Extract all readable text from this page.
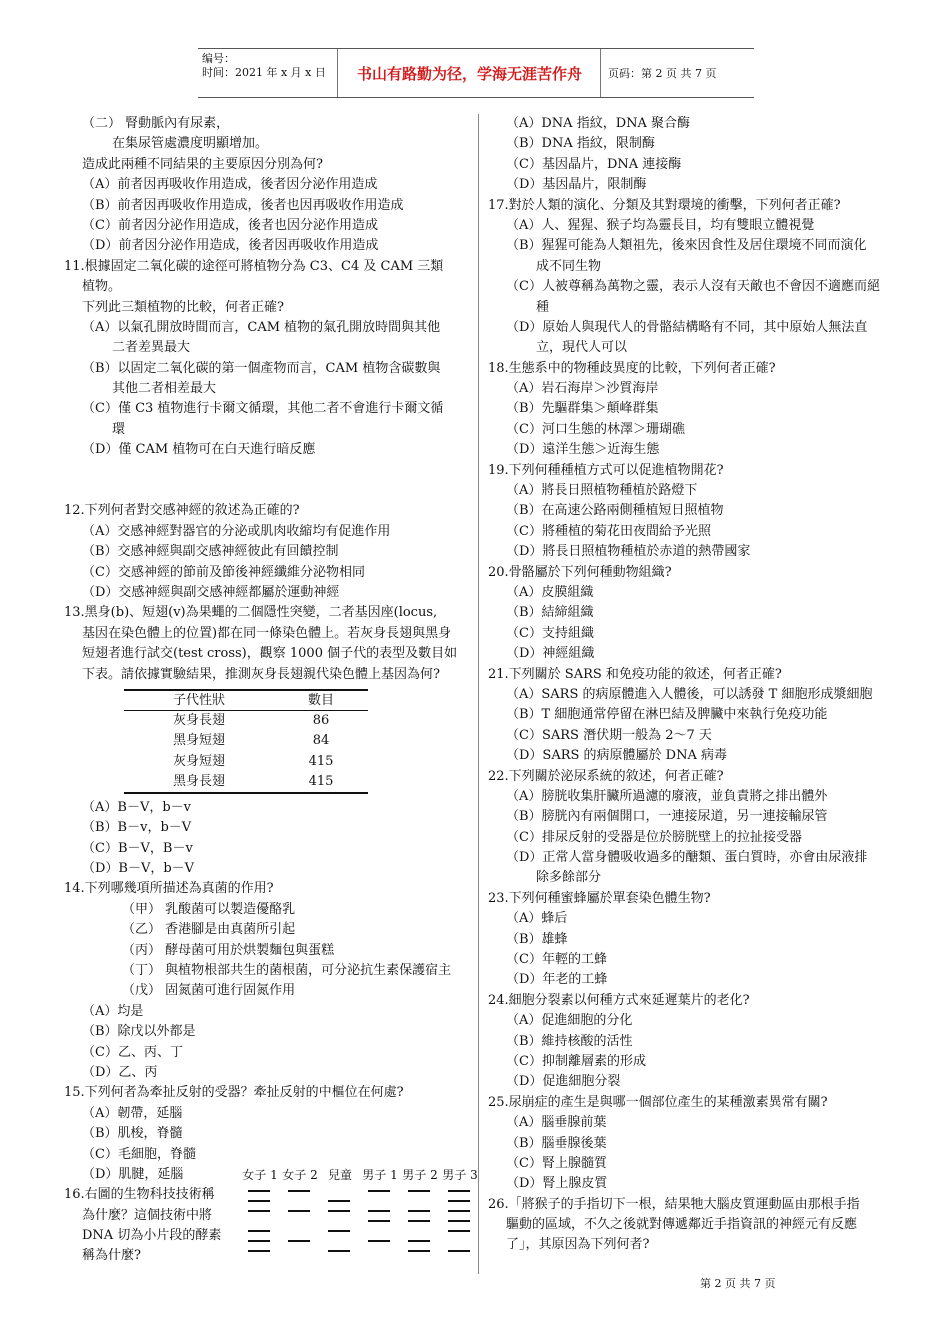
编号：
时间：2021 年 x 月 x 日	书山有路勤为径，学海无涯苦作舟	页码：第 2 页 共 7 页
（二） 腎動脈內有尿素，
在集尿管處濃度明顯增加。
造成此兩種不同結果的主要原因分別為何?
（A）前者因再吸收作用造成，後者因分泌作用造成
（B）前者因再吸收作用造成，後者也因再吸收作用造成
（C）前者因分泌作用造成，後者也因分泌作用造成
（D）前者因分泌作用造成，後者因再吸收作用造成
11.根據固定二氧化碳的途徑可將植物分為 C3、C4 及 CAM 三類
植物。
下列此三類植物的比較，何者正確?
（A）以氣孔開放時間而言，CAM 植物的氣孔開放時間與其他
二者差異最大
（B）以固定二氧化碳的第一個產物而言，CAM 植物含碳數與
其他二者相差最大
（C）僅 C3 植物進行卡爾文循環，其他二者不會進行卡爾文循
環
（D）僅 CAM 植物可在白天進行暗反應
12.下列何者對交感神經的敘述為正確的?
（A）交感神經對器官的分泌或肌肉收縮均有促進作用
（B）交感神經與副交感神經彼此有回饋控制
（C）交感神經的節前及節後神經纖維分泌物相同
（D）交感神經與副交感神經都屬於運動神經
13.黑身(b)、短翅(v)為果蠅的二個隱性突變，二者基因座(locus,
基因在染色體上的位置)都在同一條染色體上。若灰身長翅與黑身
短翅者進行試交(test cross)，觀察 1000 個子代的表型及數目如
下表。請依據實驗結果，推測灰身長翅親代染色體上基因為何?
子代性狀	數目
灰身長翅	86
黑身短翅	84
灰身短翅	415
黑身長翅	415
（A）B－V，b－v
（B）B－v，b－V
（C）B－V，B－v
（D）B－V，b－V
14.下列哪幾項所描述為真菌的作用?
（甲） 乳酸菌可以製造優酪乳
（乙） 香港腳是由真菌所引起
（丙） 酵母菌可用於烘製麵包與蛋糕
（丁） 與植物根部共生的菌根菌，可分泌抗生素保護宿主
（戊） 固氮菌可進行固氮作用
（A）均是
（B）除戊以外都是
（C）乙、丙、丁
（D）乙、丙
15.下列何者為牽扯反射的受器？牽扯反射的中樞位在何處?
（A）韌帶，延腦
（B）肌梭，脊髓
（C）毛細胞，脊髓
（D）肌腱，延腦
16.右圖的生物科技技術稱
為什麼？這個技術中將
DNA 切為小片段的酵素
稱為什麼?
女子 1 女子 2 兒童 男子 1 男子 2 男子 3
（A）DNA 指紋，DNA 聚合酶
（B）DNA 指紋，限制酶
（C）基因晶片，DNA 連接酶
（D）基因晶片，限制酶
17.對於人類的演化、分類及其對環境的衝擊，下列何者正確?
（A）人、猩猩、猴子均為靈長目，均有雙眼立體視覺
（B）猩猩可能為人類祖先，後來因食性及居住環境不同而演化
成不同生物
（C）人被尊稱為萬物之靈，表示人沒有天敵也不會因不適應而絕
種
（D）原始人與現代人的骨骼結構略有不同，其中原始人無法直
立，現代人可以
18.生態系中的物種歧異度的比較，下列何者正確?
（A）岩石海岸＞沙質海岸
（B）先驅群集＞顛峰群集
（C）河口生態的林澤＞珊瑚礁
（D）遠洋生態＞近海生態
19.下列何種種植方式可以促進植物開花?
（A）將長日照植物種植於路燈下
（B）在高速公路兩側種植短日照植物
（C）將種植的菊花田夜間給予光照
（D）將長日照植物種植於赤道的熱帶國家
20.骨骼屬於下列何種動物組織?
（A）皮膜組織
（B）結締組織
（C）支持組織
（D）神經組織
21.下列關於 SARS 和免疫功能的敘述，何者正確?
（A）SARS 的病原體進入人體後，可以誘發 T 細胞形成漿細胞
（B）T 細胞通常停留在淋巴結及脾臟中來執行免疫功能
（C）SARS 潛伏期一般為 2～7 天
（D）SARS 的病原體屬於 DNA 病毒
22.下列關於泌尿系統的敘述，何者正確?
（A）膀胱收集肝臟所過濾的廢液，並負責將之排出體外
（B）膀胱內有兩個開口，一連接尿道，另一連接輸尿管
（C）排尿反射的受器是位於膀胱壁上的拉扯接受器
（D）正常人當身體吸收過多的醣類、蛋白質時，亦會由尿液排
除多餘部分
23.下列何種蜜蜂屬於單套染色體生物?
（A）蜂后
（B）雄蜂
（C）年輕的工蜂
（D）年老的工蜂
24.細胞分裂素以何種方式來延遲葉片的老化?
（A）促進細胞的分化
（B）維持核酸的活性
（C）抑制離層素的形成
（D）促進細胞分裂
25.尿崩症的產生是與哪一個部位產生的某種激素異常有關?
（A）腦垂腺前葉
（B）腦垂腺後葉
（C）腎上腺髓質
（D）腎上腺皮質
26.「將猴子的手指切下一根，結果牠大腦皮質運動區由那根手指
驅動的區域，不久之後就對傳遞鄰近手指資訊的神經元有反應
了」，其原因為下列何者?
第 2 页 共 7 页
